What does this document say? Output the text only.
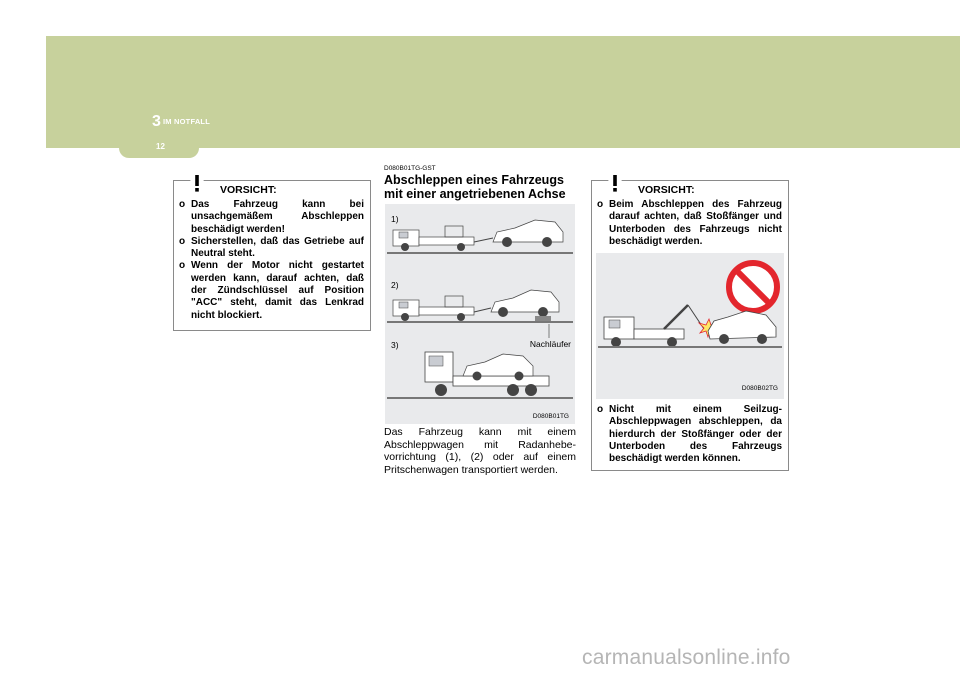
3 IM NOTFALL
12
VORSICHT:
o Das Fahrzeug kann bei unsachgemäßem Abschleppen beschädigt werden!
o Sicherstellen, daß das Getriebe auf Neutral steht.
o Wenn der Motor nicht gestartet werden kann, darauf achten, daß der Zündschlüssel auf Position "ACC" steht, damit das Lenkrad nicht blockiert.
D080B01TG-GST
Abschleppen eines Fahrzeugs mit einer angetriebenen Achse
1)
2)
Nachläufer
3)
D080B01TG
Das Fahrzeug kann mit einem Abschleppwagen mit Radanhebe-vorrichtung (1), (2) oder auf einem Pritschenwagen transportiert werden.
VORSICHT:
o Beim Abschleppen des Fahrzeug darauf achten, daß Stoßfänger und Unterboden des Fahrzeugs nicht beschädigt werden.
o Nicht mit einem Seilzug-Abschleppwagen abschleppen, da hierdurch der Stoßfänger oder der Unterboden des Fahrzeugs beschädigt werden können.
D080B02TG
carmanualsonline.info
